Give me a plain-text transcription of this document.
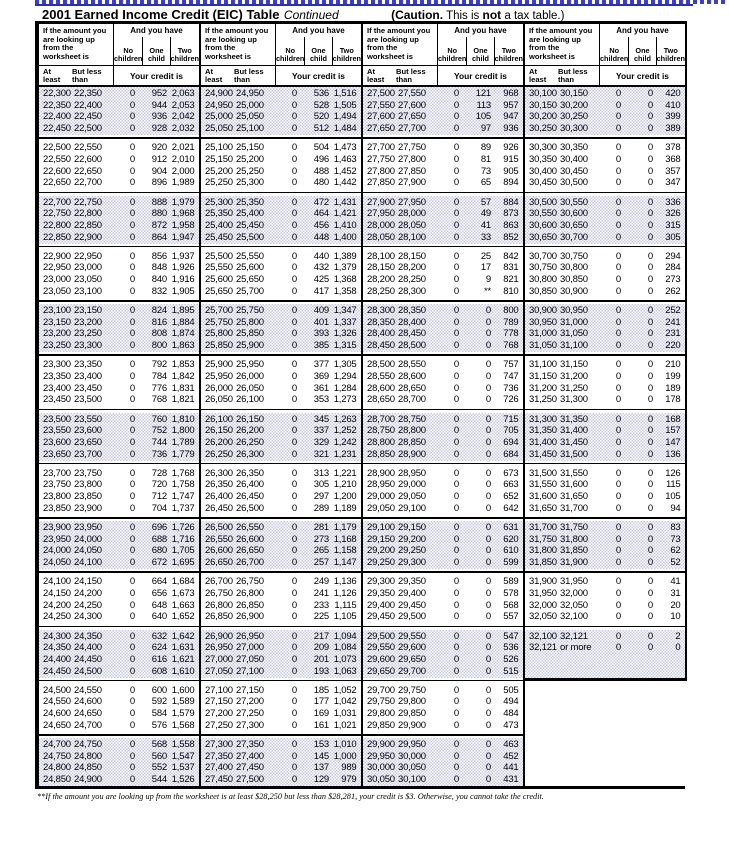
2001 Earned Income Credit (EIC) Table Continued	(Caution. This is not a tax table.)
If the amount you are looking up from the worksheet is
And you have
No children
One child
Two children
At least
But less than	Your credit is
22,300 22,350	0	952 2,063
22,350 22,400	0	944 2,053
22,400 22,450	0	936 2,042
22,450 22,500	0	928 2,032
22,500 22,550	0	920 2,021
22,550 22,600	0	912 2,010
22,600 22,650	0	904 2,000
22,650 22,700	0	896 1,989
22,700 22,750	0	888 1,979
22,750 22,800	0	880 1,968
22,800 22,850	0	872 1,958
22,850 22,900	0	864 1,947
22,900 22,950	0	856 1,937
22,950 23,000	0	848 1,926
23,000 23,050	0	840 1,916
23,050 23,100	0	832 1,905
23,100 23,150	0	824 1,895
23,150 23,200	0	816 1,884
23,200 23,250	0	808 1,874
23,250 23,300	0	800 1,863
23,300 23,350	0	792 1,853
23,350 23,400	0	784 1,842
23,400 23,450	0	776 1,831
23,450 23,500	0	768 1,821
23,500 23,550	0	760 1,810
23,550 23,600	0	752 1,800
23,600 23,650	0	744 1,789
23,650 23,700	0	736 1,779
23,700 23,750	0	728 1,768
23,750 23,800	0	720 1,758
23,800 23,850	0	712 1,747
23,850 23,900	0	704 1,737
23,900 23,950	0	696 1,726
23,950 24,000	0	688 1,716
24,000 24,050	0	680 1,705
24,050 24,100	0	672 1,695
24,100 24,150	0	664 1,684
24,150 24,200	0	656 1,673
24,200 24,250	0	648 1,663
24,250 24,300	0	640 1,652
24,300 24,350	0	632 1,642
24,350 24,400	0	624 1,631
24,400 24,450	0	616 1,621
24,450 24,500	0	608 1,610
24,500 24,550	0	600 1,600
24,550 24,600	0	592 1,589
24,600 24,650	0	584 1,579
24,650 24,700	0	576 1,568
24,700 24,750	0	568 1,558
24,750 24,800	0	560 1,547
24,800 24,850	0	552 1,537
24,850 24,900	0	544 1,526
If the amount you are looking up from the worksheet is
And you have
No children
One child
Two children
At least
But less than	Your credit is
24,900 24,950	0	536 1,516
24,950 25,000	0	528 1,505
25,000 25,050	0	520 1,494
25,050 25,100	0	512 1,484
25,100 25,150	0	504 1,473
25,150 25,200	0	496 1,463
25,200 25,250	0	488 1,452
25,250 25,300	0	480 1,442
25,300 25,350	0	472 1,431
25,350 25,400	0	464 1,421
25,400 25,450	0	456 1,410
25,450 25,500	0	448 1,400
25,500 25,550	0	440 1,389
25,550 25,600	0	432 1,379
25,600 25,650	0	425 1,368
25,650 25,700	0	417 1,358
25,700 25,750	0	409 1,347
25,750 25,800	0	401 1,337
25,800 25,850	0	393 1,326
25,850 25,900	0	385 1,315
25,900 25,950	0	377 1,305
25,950 26,000	0	369 1,294
26,000 26,050	0	361 1,284
26,050 26,100	0	353 1,273
26,100 26,150	0	345 1,263
26,150 26,200	0	337 1,252
26,200 26,250	0	329 1,242
26,250 26,300	0	321 1,231
26,300 26,350	0	313 1,221
26,350 26,400	0	305 1,210
26,400 26,450	0	297 1,200
26,450 26,500	0	289 1,189
26,500 26,550	0	281 1,179
26,550 26,600	0	273 1,168
26,600 26,650	0	265 1,158
26,650 26,700	0	257 1,147
26,700 26,750	0	249 1,136
26,750 26,800	0	241 1,126
26,800 26,850	0	233 1,115
26,850 26,900	0	225 1,105
26,900 26,950	0	217 1,094
26,950 27,000	0	209 1,084
27,000 27,050	0	201 1,073
27,050 27,100	0	193 1,063
27,100 27,150	0	185 1,052
27,150 27,200	0	177 1,042
27,200 27,250	0	169 1,031
27,250 27,300	0	161 1,021
27,300 27,350	0	153 1,010
27,350 27,400	0	145 1,000
27,400 27,450	0	137	989
27,450 27,500	0	129	979
If the amount you are looking up from the worksheet is
And you have
No children
One child
Two children
At least
But less than	Your credit is
27,500 27,550	0	121	968
27,550 27,600	0	113	957
27,600 27,650	0	105	947
27,650 27,700	0	97	936
27,700 27,750	0	89	926
27,750 27,800	0	81	915
27,800 27,850	0	73	905
27,850 27,900	0	65	894
27,900 27,950	0	57	884
27,950 28,000	0	49	873
28,000 28,050	0	41	863
28,050 28,100	0	33	852
28,100 28,150	0	25	842
28,150 28,200	0	17	831
28,200 28,250	0	9	821
28,250 28,300	0	**	810
28,300 28,350	0	0	800
28,350 28,400	0	0	789
28,400 28,450	0	0	778
28,450 28,500	0	0	768
28,500 28,550	0	0	757
28,550 28,600	0	0	747
28,600 28,650	0	0	736
28,650 28,700	0	0	726
28,700 28,750	0	0	715
28,750 28,800	0	0	705
28,800 28,850	0	0	694
28,850 28,900	0	0	684
28,900 28,950	0	0	673
28,950 29,000	0	0	663
29,000 29,050	0	0	652
29,050 29,100	0	0	642
29,100 29,150	0	0	631
29,150 29,200	0	0	620
29,200 29,250	0	0	610
29,250 29,300	0	0	599
29,300 29,350	0	0	589
29,350 29,400	0	0	578
29,400 29,450	0	0	568
29,450 29,500	0	0	557
29,500 29,550	0	0	547
29,550 29,600	0	0	536
29,600 29,650	0	0	526
29,650 29,700	0	0	515
29,700 29,750	0	0	505
29,750 29,800	0	0	494
29,800 29,850	0	0	484
29,850 29,900	0	0	473
29,900 29,950	0	0	463
29,950 30,000	0	0	452
30,000 30,050	0	0	441
30,050 30,100	0	0	431
If the amount you are looking up from the worksheet is
And you have
No children
One child
Two children
At least
But less than	Your credit is
30,100 30,150	0	0	420
30,150 30,200	0	0	410
30,200 30,250	0	0	399
30,250 30,300	0	0	389
30,300 30,350	0	0	378
30,350 30,400	0	0	368
30,400 30,450	0	0	357
30,450 30,500	0	0	347
30,500 30,550	0	0	336
30,550 30,600	0	0	326
30,600 30,650	0	0	315
30,650 30,700	0	0	305
30,700 30,750	0	0	294
30,750 30,800	0	0	284
30,800 30,850	0	0	273
30,850 30,900	0	0	262
30,900 30,950	0	0	252
30,950 31,000	0	0	241
31,000 31,050	0	0	231
31,050 31,100	0	0	220
31,100 31,150	0	0	210
31,150 31,200	0	0	199
31,200 31,250	0	0	189
31,250 31,300	0	0	178
31,300 31,350	0	0	168
31,350 31,400	0	0	157
31,400 31,450	0	0	147
31,450 31,500	0	0	136
31,500 31,550	0	0	126
31,550 31,600	0	0	115
31,600 31,650	0	0	105
31,650 31,700	0	0	94
31,700 31,750	0	0	83
31,750 31,800	0	0	73
31,800 31,850	0	0	62
31,850 31,900	0	0	52
31,900 31,950	0	0	41
31,950 32,000	0	0	31
32,000 32,050	0	0	20
32,050 32,100	0	0	10
32,100 32,121	0	0	2
32,121 or more	0	0	0
**If the amount you are looking up from the worksheet is at least $28,250 but less than $28,281, your credit is $3. Otherwise, you cannot take the credit.
